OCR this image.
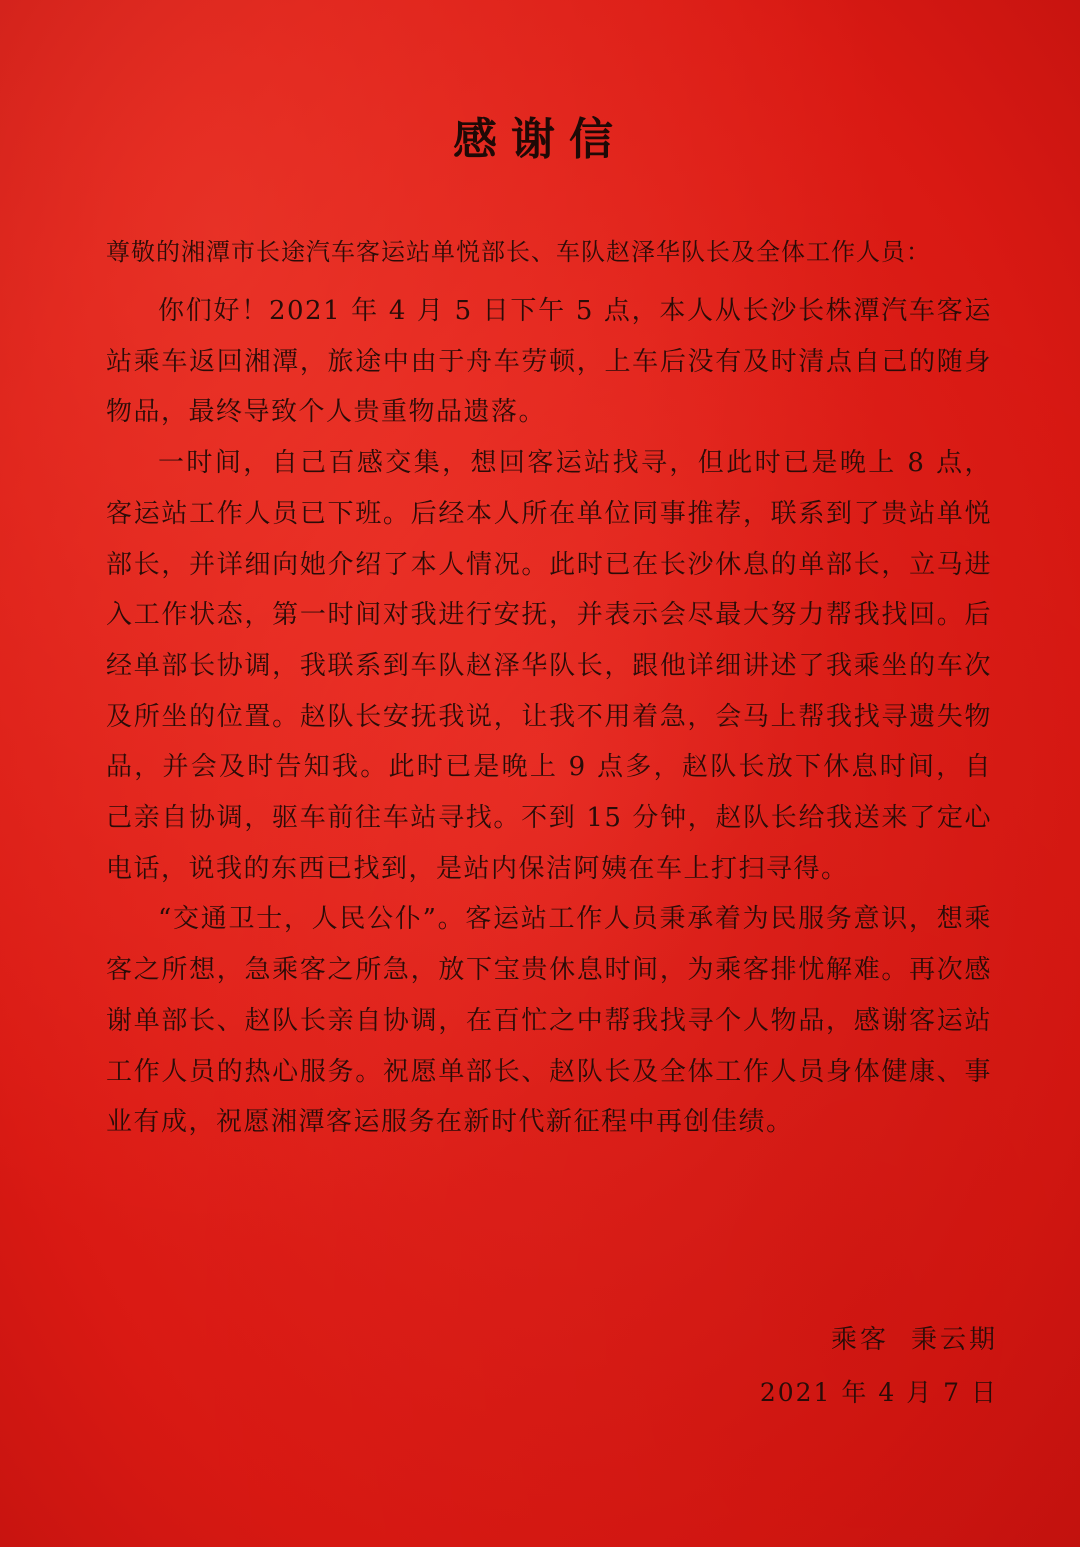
感谢信
尊敬的湘潭市长途汽车客运站单悦部长、车队赵泽华队长及全体工作人员：

你们好！2021 年 4 月 5 日下午 5 点，本人从长沙长株潭汽车客运站乘车返回湘潭，旅途中由于舟车劳顿，上车后没有及时清点自己的随身物品，最终导致个人贵重物品遗落。

一时间，自己百感交集，想回客运站找寻，但此时已是晚上 8 点，客运站工作人员已下班。后经本人所在单位同事推荐，联系到了贵站单悦部长，并详细向她介绍了本人情况。此时已在长沙休息的单部长，立马进入工作状态，第一时间对我进行安抚，并表示会尽最大努力帮我找回。后经单部长协调，我联系到车队赵泽华队长，跟他详细讲述了我乘坐的车次及所坐的位置。赵队长安抚我说，让我不用着急，会马上帮我找寻遗失物品，并会及时告知我。此时已是晚上 9 点多，赵队长放下休息时间，自己亲自协调，驱车前往车站寻找。不到 15 分钟，赵队长给我送来了定心电话，说我的东西已找到，是站内保洁阿姨在车上打扫寻得。

“交通卫士，人民公仆”。客运站工作人员秉承着为民服务意识，想乘客之所想，急乘客之所急，放下宝贵休息时间，为乘客排忧解难。再次感谢单部长、赵队长亲自协调，在百忙之中帮我找寻个人物品，感谢客运站工作人员的热心服务。祝愿单部长、赵队长及全体工作人员身体健康、事业有成，祝愿湘潭客运服务在新时代新征程中再创佳绩。

乘客 秉云期
2021 年 4 月 7 日
